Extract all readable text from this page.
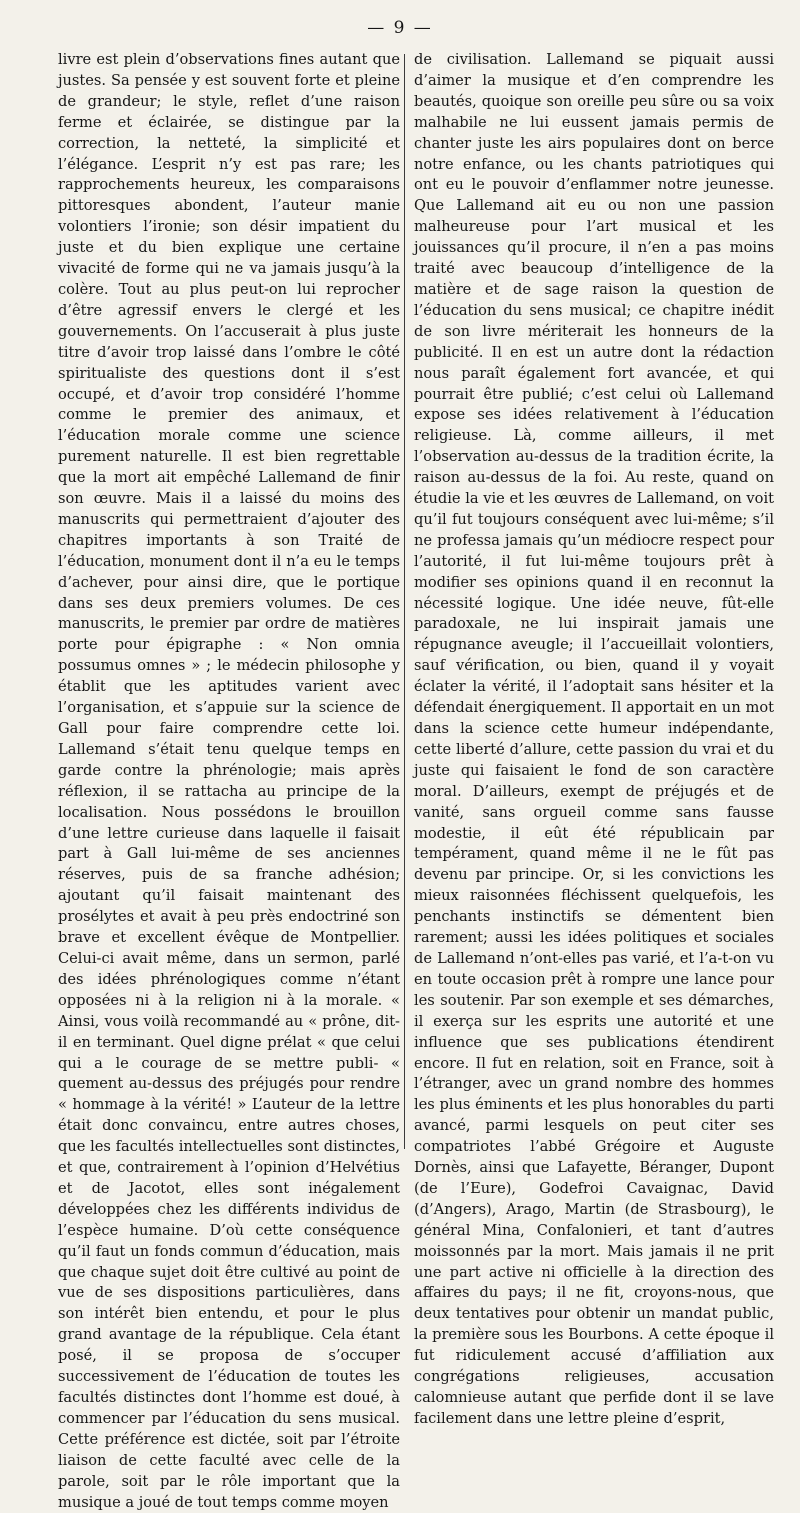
— 9 —

livre est plein d’observations fines autant que justes. Sa pensée y est souvent forte et pleine de grandeur; le style, reflet d’une raison ferme et éclairée, se distingue par la correction, la netteté, la simplicité et l’élégance. L’esprit n’y est pas rare; les rapprochements heureux, les comparaisons pittoresques abondent, l’auteur manie volontiers l’ironie; son désir impatient du juste et du bien explique une certaine vivacité de forme qui ne va jamais jusqu’à la colère. Tout au plus peut-on lui reprocher d’être agressif envers le clergé et les gouvernements. On l’accuserait à plus juste titre d’avoir trop laissé dans l’ombre le côté spiritualiste des questions dont il s’est occupé, et d’avoir trop considéré l’homme comme le premier des animaux, et l’éducation morale comme une science purement naturelle. Il est bien regrettable que la mort ait empêché Lallemand de finir son œuvre. Mais il a laissé du moins des manuscrits qui permettraient d’ajouter des chapitres importants à son Traité de l’éducation, monument dont il n’a eu le temps d’achever, pour ainsi dire, que le portique dans ses deux premiers volumes. De ces manuscrits, le premier par ordre de matières porte pour épigraphe : « Non omnia possumus omnes » ; le médecin philosophe y établit que les aptitudes varient avec l’organisation, et s’appuie sur la science de Gall pour faire comprendre cette loi. Lallemand s’était tenu quelque temps en garde contre la phrénologie; mais après réflexion, il se rattacha au principe de la localisation. Nous possédons le brouillon d’une lettre curieuse dans laquelle il faisait part à Gall lui-même de ses anciennes réserves, puis de sa franche adhésion; ajoutant qu’il faisait maintenant des prosélytes et avait à peu près endoctriné son brave et excellent évêque de Montpellier. Celui-ci avait même, dans un sermon, parlé des idées phrénologiques comme n’étant opposées ni à la religion ni à la morale. « Ainsi, vous voilà recommandé au « prône, dit-il en terminant. Quel digne prélat « que celui qui a le courage de se mettre publi- « quement au-dessus des préjugés pour rendre « hommage à la vérité! » L’auteur de la lettre était donc convaincu, entre autres choses, que les facultés intellectuelles sont distinctes, et que, contrairement à l’opinion d’Helvétius et de Jacotot, elles sont inégalement développées chez les différents individus de l’espèce humaine. D’où cette conséquence qu’il faut un fonds commun d’éducation, mais que chaque sujet doit être cultivé au point de vue de ses dispositions particulières, dans son intérêt bien entendu, et pour le plus grand avantage de la république. Cela étant posé, il se proposa de s’occuper successivement de l’éducation de toutes les facultés distinctes dont l’homme est doué, à commencer par l’éducation du sens musical. Cette préférence est dictée, soit par l’étroite liaison de cette faculté avec celle de la parole, soit par le rôle important que la musique a joué de tout temps comme moyen

de civilisation. Lallemand se piquait aussi d’aimer la musique et d’en comprendre les beautés, quoique son oreille peu sûre ou sa voix malhabile ne lui eussent jamais permis de chanter juste les airs populaires dont on berce notre enfance, ou les chants patriotiques qui ont eu le pouvoir d’enflammer notre jeunesse. Que Lallemand ait eu ou non une passion malheureuse pour l’art musical et les jouissances qu’il procure, il n’en a pas moins traité avec beaucoup d’intelligence de la matière et de sage raison la question de l’éducation du sens musical; ce chapitre inédit de son livre mériterait les honneurs de la publicité. Il en est un autre dont la rédaction nous paraît également fort avancée, et qui pourrait être publié; c’est celui où Lallemand expose ses idées relativement à l’éducation religieuse. Là, comme ailleurs, il met l’observation au-dessus de la tradition écrite, la raison au-dessus de la foi. Au reste, quand on étudie la vie et les œuvres de Lallemand, on voit qu’il fut toujours conséquent avec lui-même; s’il ne professa jamais qu’un médiocre respect pour l’autorité, il fut lui-même toujours prêt à modifier ses opinions quand il en reconnut la nécessité logique. Une idée neuve, fût-elle paradoxale, ne lui inspirait jamais une répugnance aveugle; il l’accueillait volontiers, sauf vérification, ou bien, quand il y voyait éclater la vérité, il l’adoptait sans hésiter et la défendait énergiquement. Il apportait en un mot dans la science cette humeur indépendante, cette liberté d’allure, cette passion du vrai et du juste qui faisaient le fond de son caractère moral. D’ailleurs, exempt de préjugés et de vanité, sans orgueil comme sans fausse modestie, il eût été républicain par tempérament, quand même il ne le fût pas devenu par principe. Or, si les convictions les mieux raisonnées fléchissent quelquefois, les penchants instinctifs se démentent bien rarement; aussi les idées politiques et sociales de Lallemand n’ont-elles pas varié, et l’a-t-on vu en toute occasion prêt à rompre une lance pour les soutenir. Par son exemple et ses démarches, il exerça sur les esprits une autorité et une influence que ses publications étendirent encore. Il fut en relation, soit en France, soit à l’étranger, avec un grand nombre des hommes les plus éminents et les plus honorables du parti avancé, parmi lesquels on peut citer ses compatriotes l’abbé Grégoire et Auguste Dornès, ainsi que Lafayette, Béranger, Dupont (de l’Eure), Godefroi Cavaignac, David (d’Angers), Arago, Martin (de Strasbourg), le général Mina, Confalonieri, et tant d’autres moissonnés par la mort. Mais jamais il ne prit une part active ni officielle à la direction des affaires du pays; il ne fit, croyons-nous, que deux tentatives pour obtenir un mandat public, la première sous les Bourbons. A cette époque il fut ridiculement accusé d’affiliation aux congrégations religieuses, accusation calomnieuse autant que perfide dont il se lave facilement dans une lettre pleine d’esprit,
